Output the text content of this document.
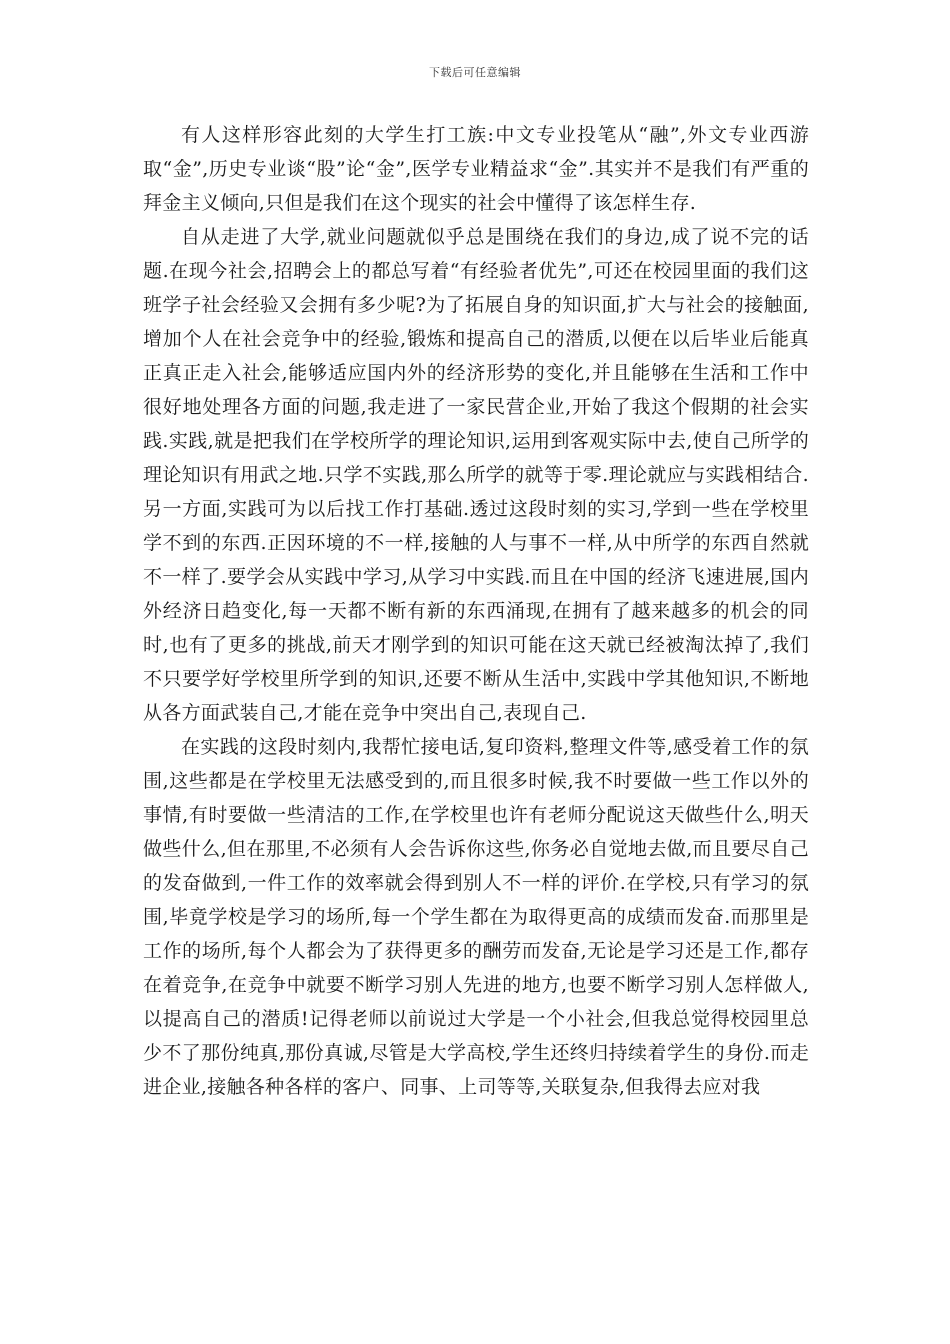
下载后可任意编辑

有人这样形容此刻的大学生打工族:中文专业投笔从“融”,外文专业西游取“金”,历史专业谈“股”论“金”,医学专业精益求“金”.其实并不是我们有严重的拜金主义倾向,只但是我们在这个现实的社会中懂得了该怎样生存.

自从走进了大学,就业问题就似乎总是围绕在我们的身边,成了说不完的话题.在现今社会,招聘会上的都总写着“有经验者优先”,可还在校园里面的我们这班学子社会经验又会拥有多少呢?为了拓展自身的知识面,扩大与社会的接触面,增加个人在社会竞争中的经验,锻炼和提高自己的潜质,以便在以后毕业后能真正真正走入社会,能够适应国内外的经济形势的变化,并且能够在生活和工作中很好地处理各方面的问题,我走进了一家民营企业,开始了我这个假期的社会实践.实践,就是把我们在学校所学的理论知识,运用到客观实际中去,使自己所学的理论知识有用武之地.只学不实践,那么所学的就等于零.理论就应与实践相结合.另一方面,实践可为以后找工作打基础.透过这段时刻的实习,学到一些在学校里学不到的东西.正因环境的不一样,接触的人与事不一样,从中所学的东西自然就不一样了.要学会从实践中学习,从学习中实践.而且在中国的经济飞速进展,国内外经济日趋变化,每一天都不断有新的东西涌现,在拥有了越来越多的机会的同时,也有了更多的挑战,前天才刚学到的知识可能在这天就已经被淘汰掉了,我们不只要学好学校里所学到的知识,还要不断从生活中,实践中学其他知识,不断地从各方面武装自己,才能在竞争中突出自己,表现自己.

在实践的这段时刻内,我帮忙接电话,复印资料,整理文件等,感受着工作的氛围,这些都是在学校里无法感受到的,而且很多时候,我不时要做一些工作以外的事情,有时要做一些清洁的工作,在学校里也许有老师分配说这天做些什么,明天做些什么,但在那里,不必须有人会告诉你这些,你务必自觉地去做,而且要尽自己的发奋做到,一件工作的效率就会得到别人不一样的评价.在学校,只有学习的氛围,毕竟学校是学习的场所,每一个学生都在为取得更高的成绩而发奋.而那里是工作的场所,每个人都会为了获得更多的酬劳而发奋,无论是学习还是工作,都存在着竞争,在竞争中就要不断学习别人先进的地方,也要不断学习别人怎样做人,以提高自己的潜质!记得老师以前说过大学是一个小社会,但我总觉得校园里总少不了那份纯真,那份真诚,尽管是大学高校,学生还终归持续着学生的身份.而走进企业,接触各种各样的客户、同事、上司等等,关联复杂,但我得去应对我
